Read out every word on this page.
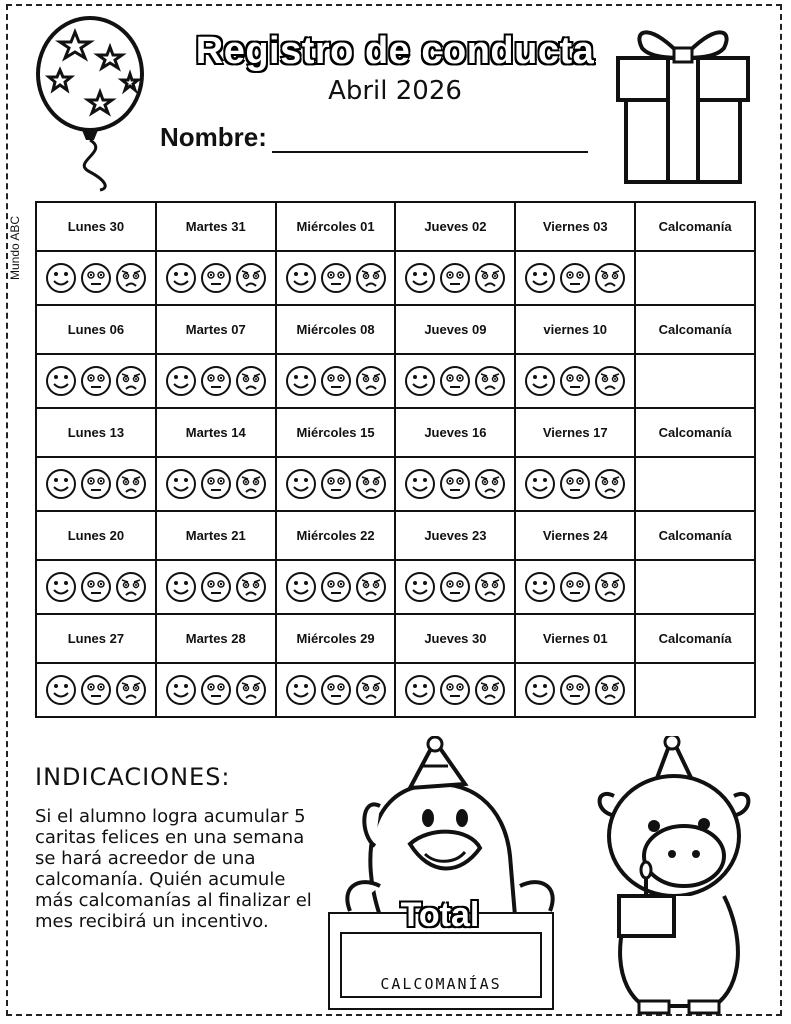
Registro de conducta
Abril 2026
Nombre:
Mundo ABC	Lunes 30	Martes 31	Miércoles 01	Jueves 02	Viernes 03	Calcomanía

Lunes 06	Martes 07	Miércoles 08	Jueves 09	viernes 10	Calcomanía

Lunes 13	Martes 14	Miércoles 15	Jueves 16	Viernes 17	Calcomanía

Lunes 20	Martes 21	Miércoles 22	Jueves 23	Viernes 24	Calcomanía

Lunes 27	Martes 28	Miércoles 29	Jueves 30	Viernes 01	Calcomanía

INDICACIONES:
Si el alumno logra acumular 5 caritas felices en una semana se hará acreedor de una calcomanía. Quién acumule más calcomanías al finalizar el mes recibirá un incentivo.	Total
CALCOMANÍAS
